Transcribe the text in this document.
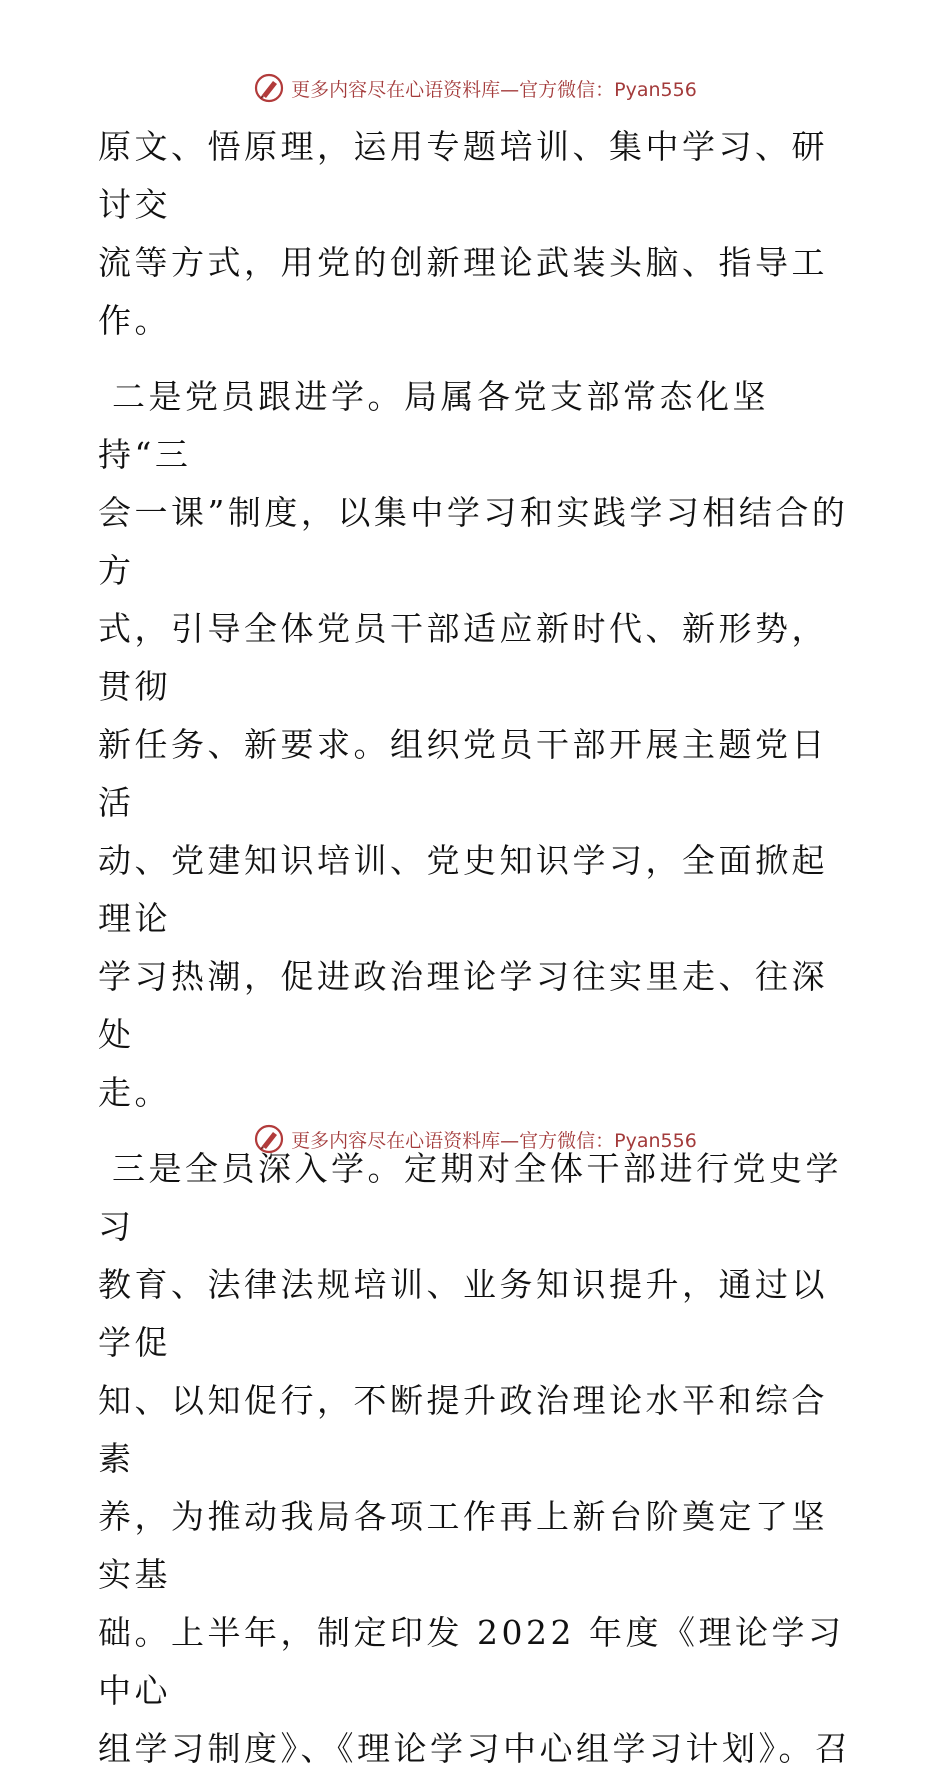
更多内容尽在心语资料库—官方微信：Pyan556

原文、悟原理，运用专题培训、集中学习、研讨交
流等方式，用党的创新理论武装头脑、指导工作。

二是党员跟进学。局属各党支部常态化坚持“三
会一课”制度，以集中学习和实践学习相结合的方
式，引导全体党员干部适应新时代、新形势，贯彻
新任务、新要求。组织党员干部开展主题党日活
动、党建知识培训、党史知识学习，全面掀起理论
学习热潮，促进政治理论学习往实里走、往深处
走。

三是全员深入学。定期对全体干部进行党史学习
教育、法律法规培训、业务知识提升，通过以学促
知、以知促行，不断提升政治理论水平和综合素
养，为推动我局各项工作再上新台阶奠定了坚实基
础。上半年，制定印发 2022 年度《理论学习中心
组学习制度》、《理论学习中心组学习计划》。召

更多内容尽在心语资料库—官方微信：Pyan556
